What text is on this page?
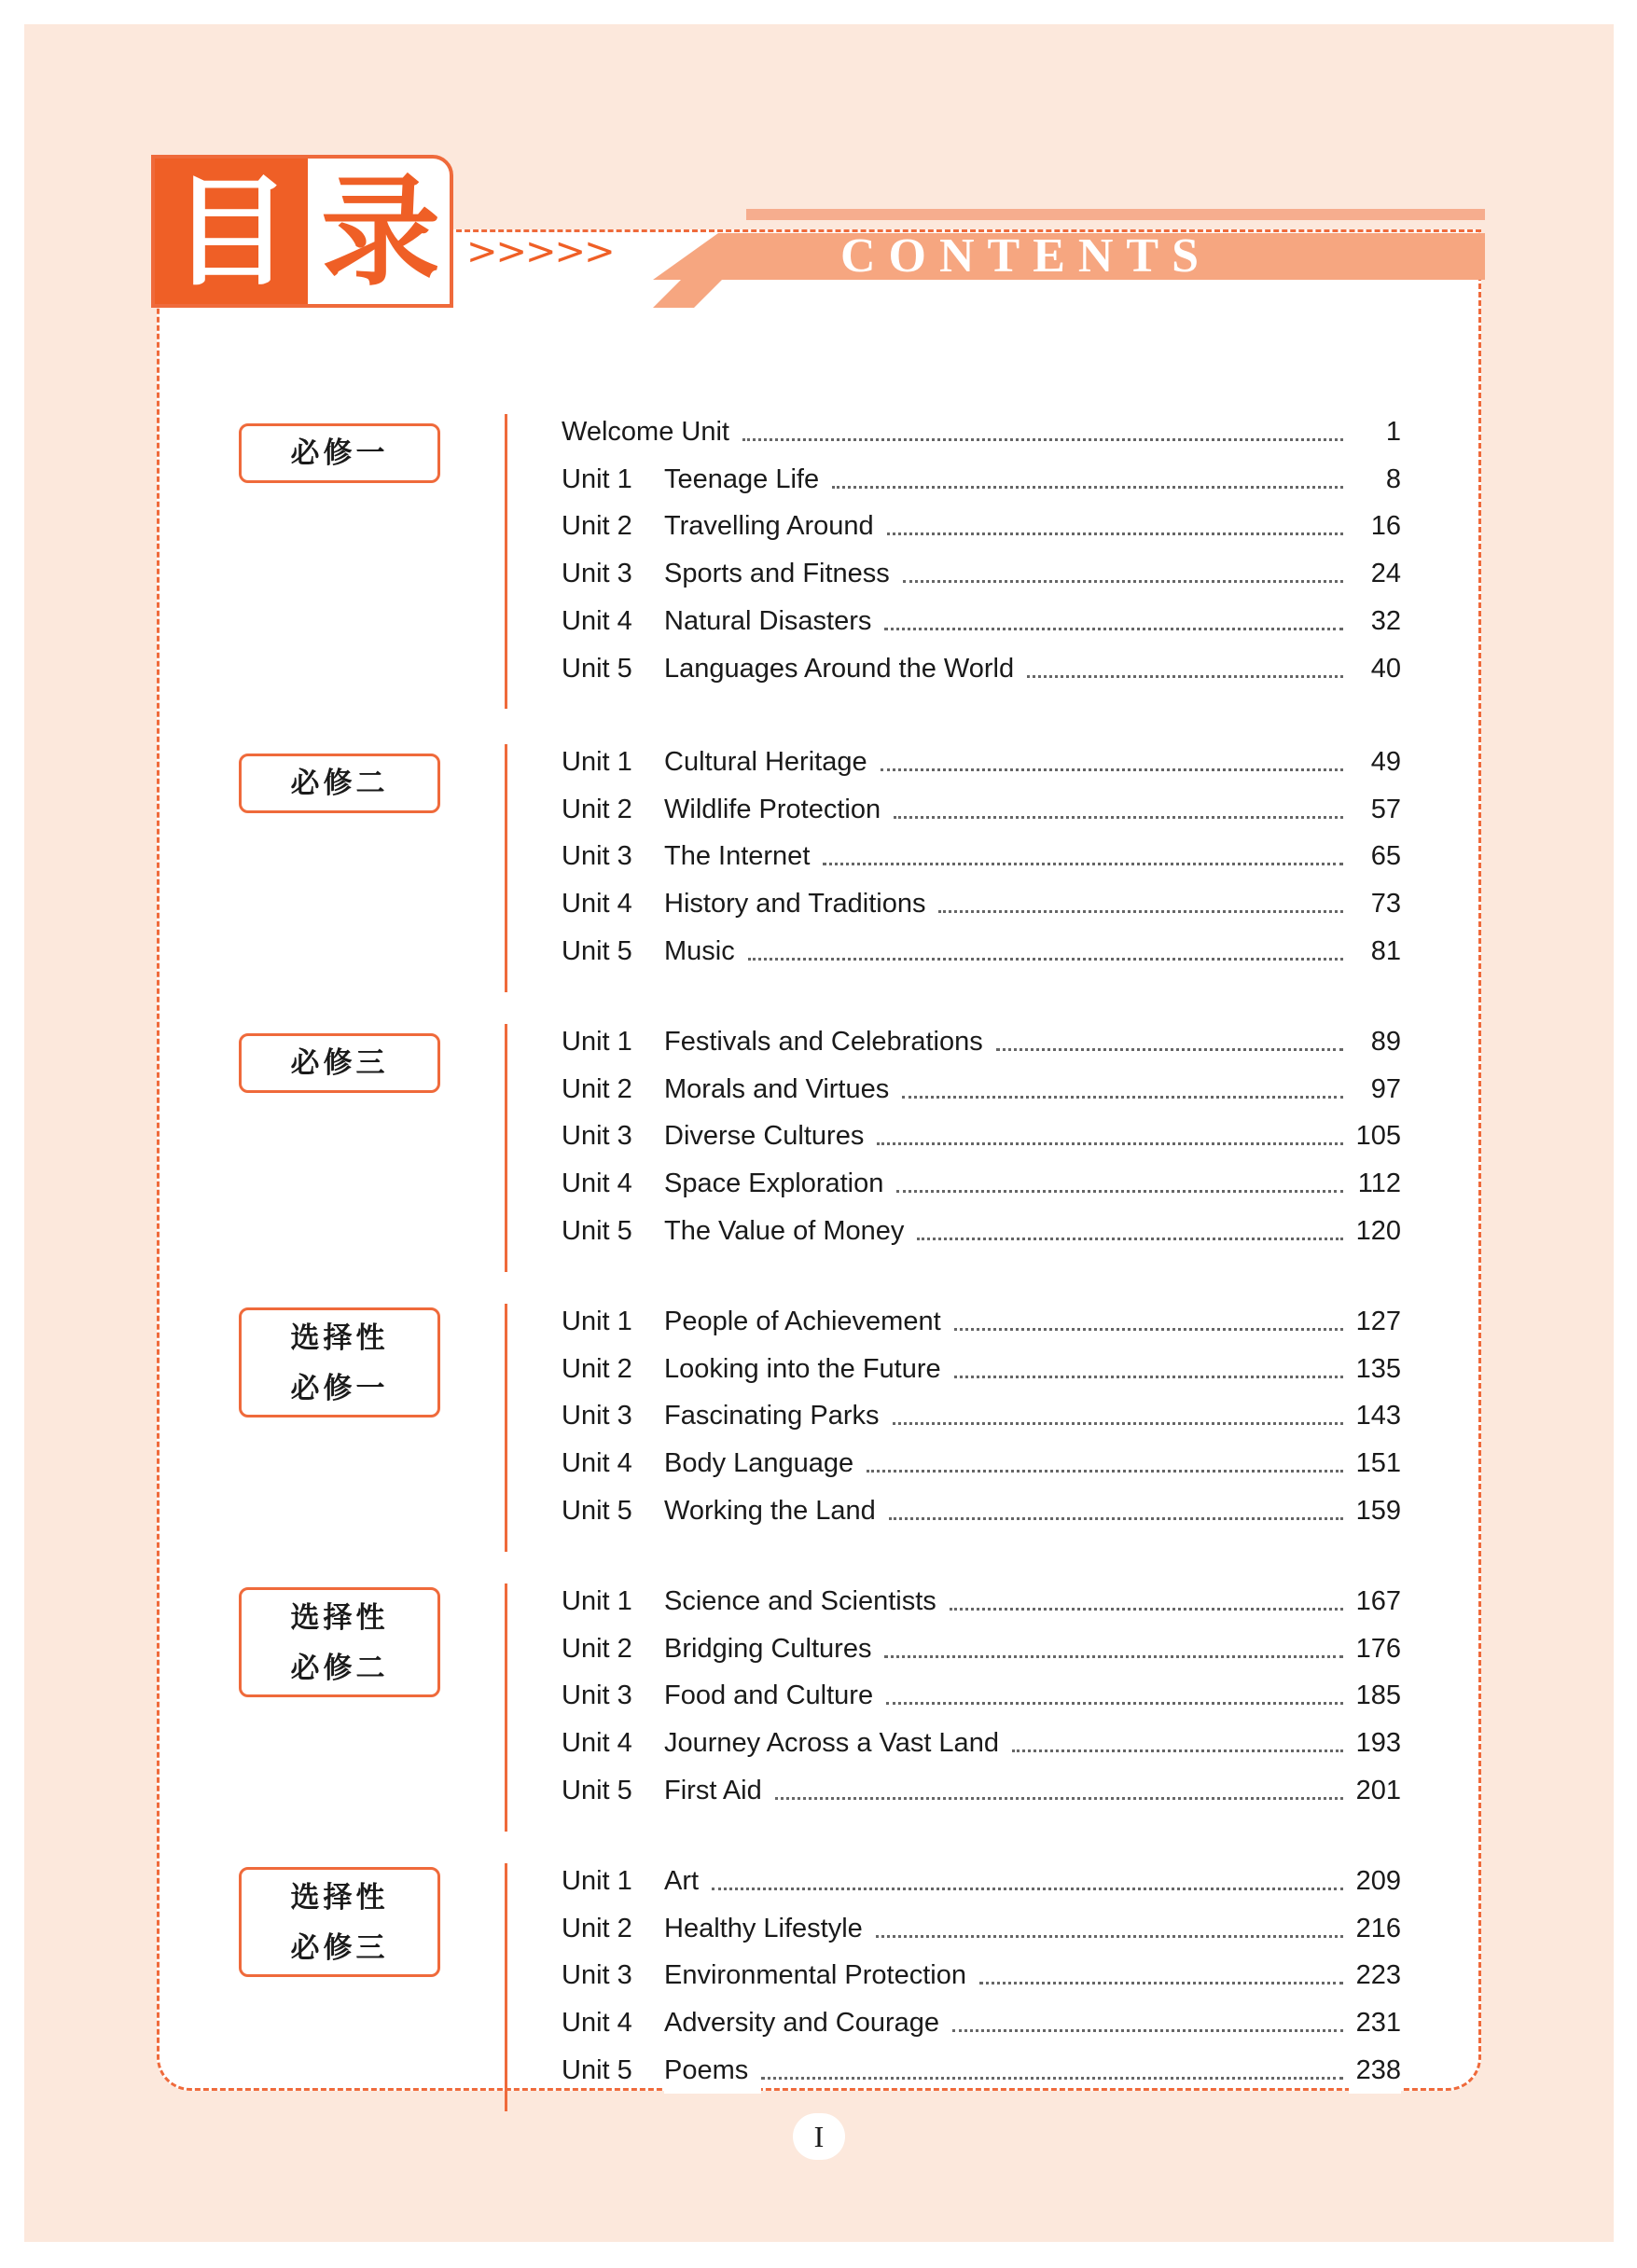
目 录 >>>>>	CONTENTS
必修一
Welcome Unit	1
Unit 1 Teenage Life	8
Unit 2 Travelling Around	16
Unit 3 Sports and Fitness	24
Unit 4 Natural Disasters	32
Unit 5 Languages Around the World	40
必修二
Unit 1 Cultural Heritage	49
Unit 2 Wildlife Protection	57
Unit 3 The Internet	65
Unit 4 History and Traditions	73
Unit 5 Music	81
必修三
Unit 1 Festivals and Celebrations	89
Unit 2 Morals and Virtues	97
Unit 3 Diverse Cultures	105
Unit 4 Space Exploration	112
Unit 5 The Value of Money	120
选择性
必修一
Unit 1 People of Achievement	127
Unit 2 Looking into the Future	135
Unit 3 Fascinating Parks	143
Unit 4 Body Language	151
Unit 5 Working the Land	159
选择性
必修二
Unit 1 Science and Scientists	167
Unit 2 Bridging Cultures	176
Unit 3 Food and Culture	185
Unit 4 Journey Across a Vast Land	193
Unit 5 First Aid	201
选择性
必修三
Unit 1 Art	209
Unit 2 Healthy Lifestyle	216
Unit 3 Environmental Protection	223
Unit 4 Adversity and Courage	231
Unit 5 Poems	238
I
